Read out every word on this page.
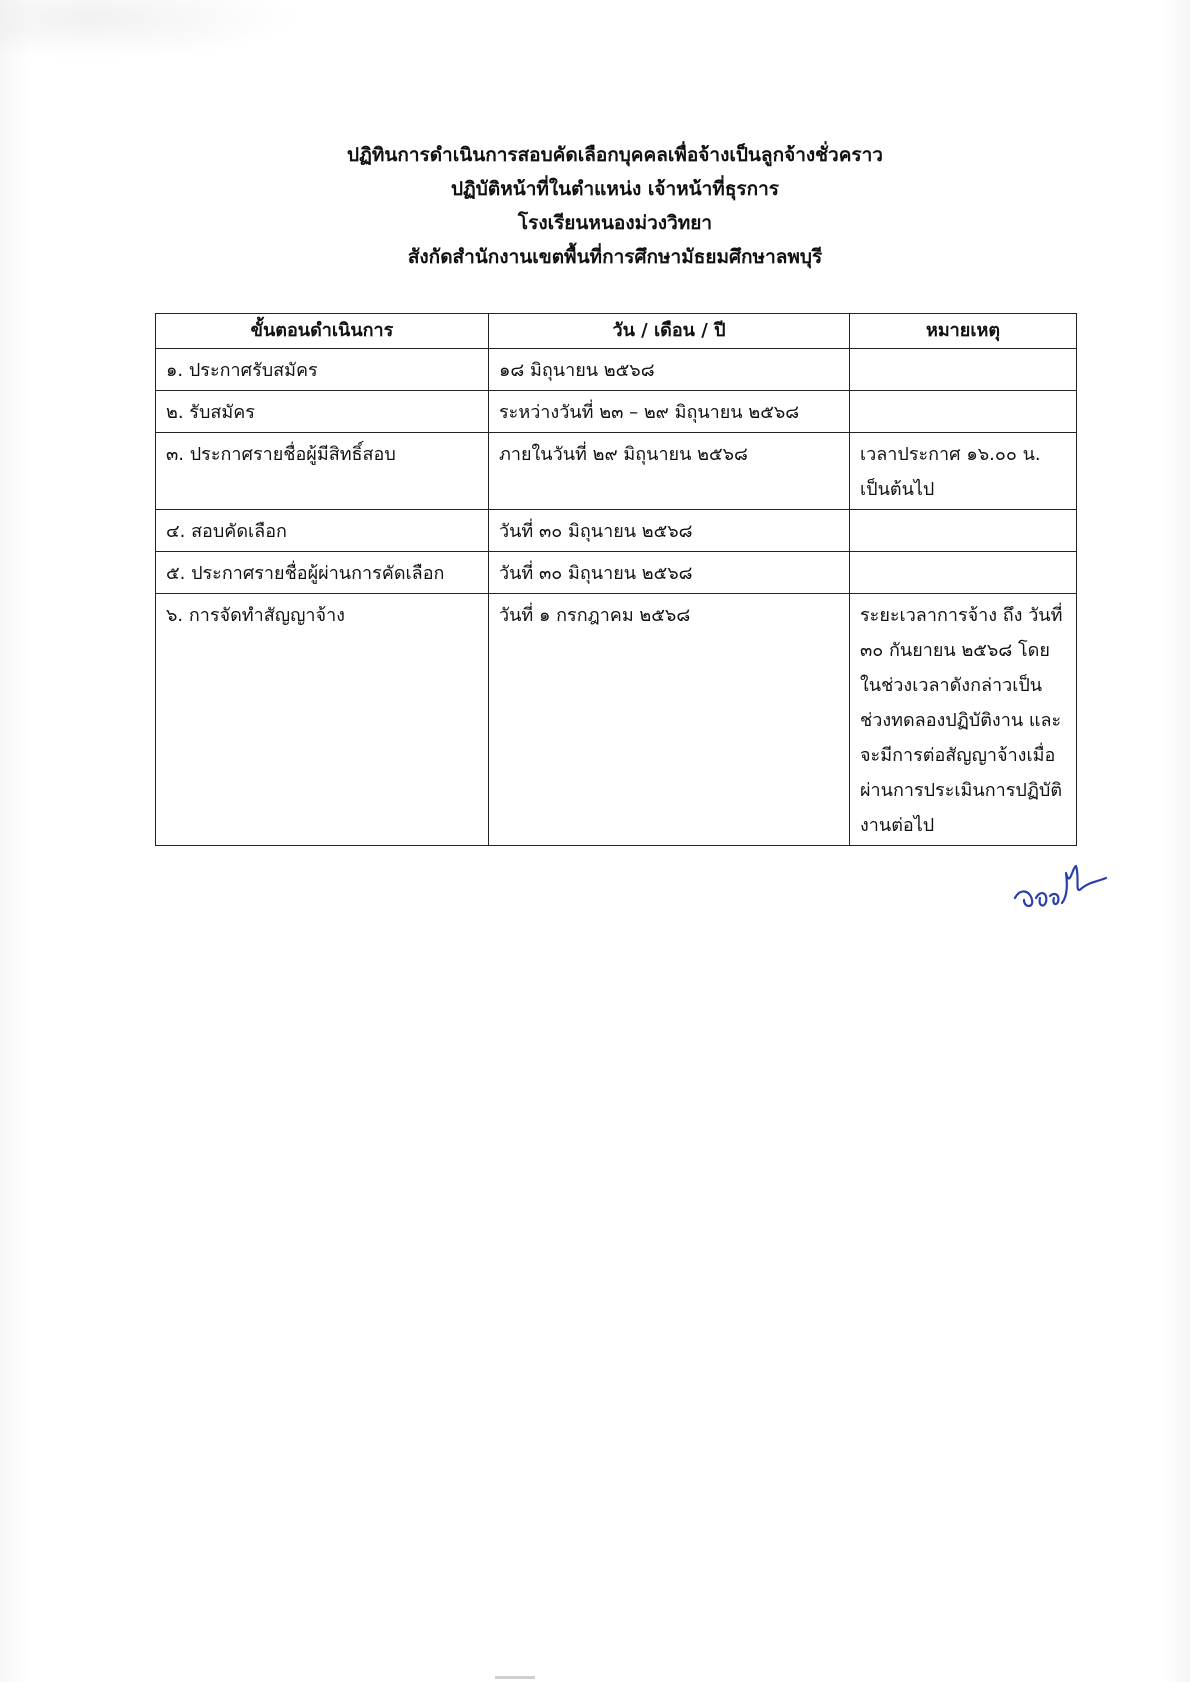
ปฏิทินการดำเนินการสอบคัดเลือกบุคคลเพื่อจ้างเป็นลูกจ้างชั่วคราว
ปฏิบัติหน้าที่ในตำแหน่ง เจ้าหน้าที่ธุรการ
โรงเรียนหนองม่วงวิทยา
สังกัดสำนักงานเขตพื้นที่การศึกษามัธยมศึกษาลพบุรี
ขั้นตอนดำเนินการ	วัน / เดือน / ปี	หมายเหตุ
๑. ประกาศรับสมัคร	๑๘ มิถุนายน ๒๕๖๘	
๒. รับสมัคร	ระหว่างวันที่ ๒๓ – ๒๙ มิถุนายน ๒๕๖๘	
๓. ประกาศรายชื่อผู้มีสิทธิ์สอบ	ภายในวันที่ ๒๙ มิถุนายน ๒๕๖๘	เวลาประกาศ ๑๖.๐๐ น. เป็นต้นไป
๔. สอบคัดเลือก	วันที่ ๓๐ มิถุนายน ๒๕๖๘	
๕. ประกาศรายชื่อผู้ผ่านการคัดเลือก	วันที่ ๓๐ มิถุนายน ๒๕๖๘	
๖. การจัดทำสัญญาจ้าง	วันที่ ๑ กรกฎาคม ๒๕๖๘	ระยะเวลาการจ้าง ถึง วันที่ ๓๐ กันยายน ๒๕๖๘ โดยในช่วงเวลาดังกล่าวเป็นช่วงทดลองปฏิบัติงาน และจะมีการต่อสัญญาจ้างเมื่อผ่านการประเมินการปฏิบัติงานต่อไป
